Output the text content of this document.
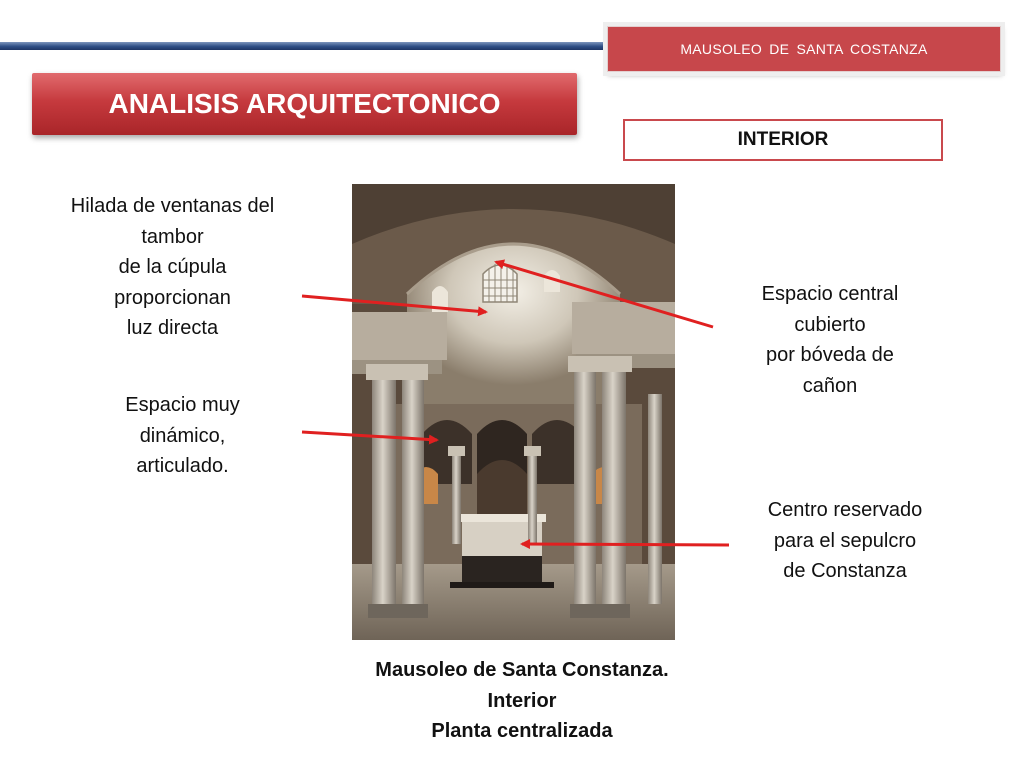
MAUSOLEO DE SANTA COSTANZA
ANALISIS ARQUITECTONICO
INTERIOR
Hilada de ventanas del
tambor
de la cúpula
proporcionan
luz directa
Espacio muy
dinámico,
articulado.
Espacio central
cubierto
por bóveda de
cañon
Centro reservado
para el sepulcro
de Constanza
Mausoleo de Santa Constanza.
Interior
Planta centralizada
